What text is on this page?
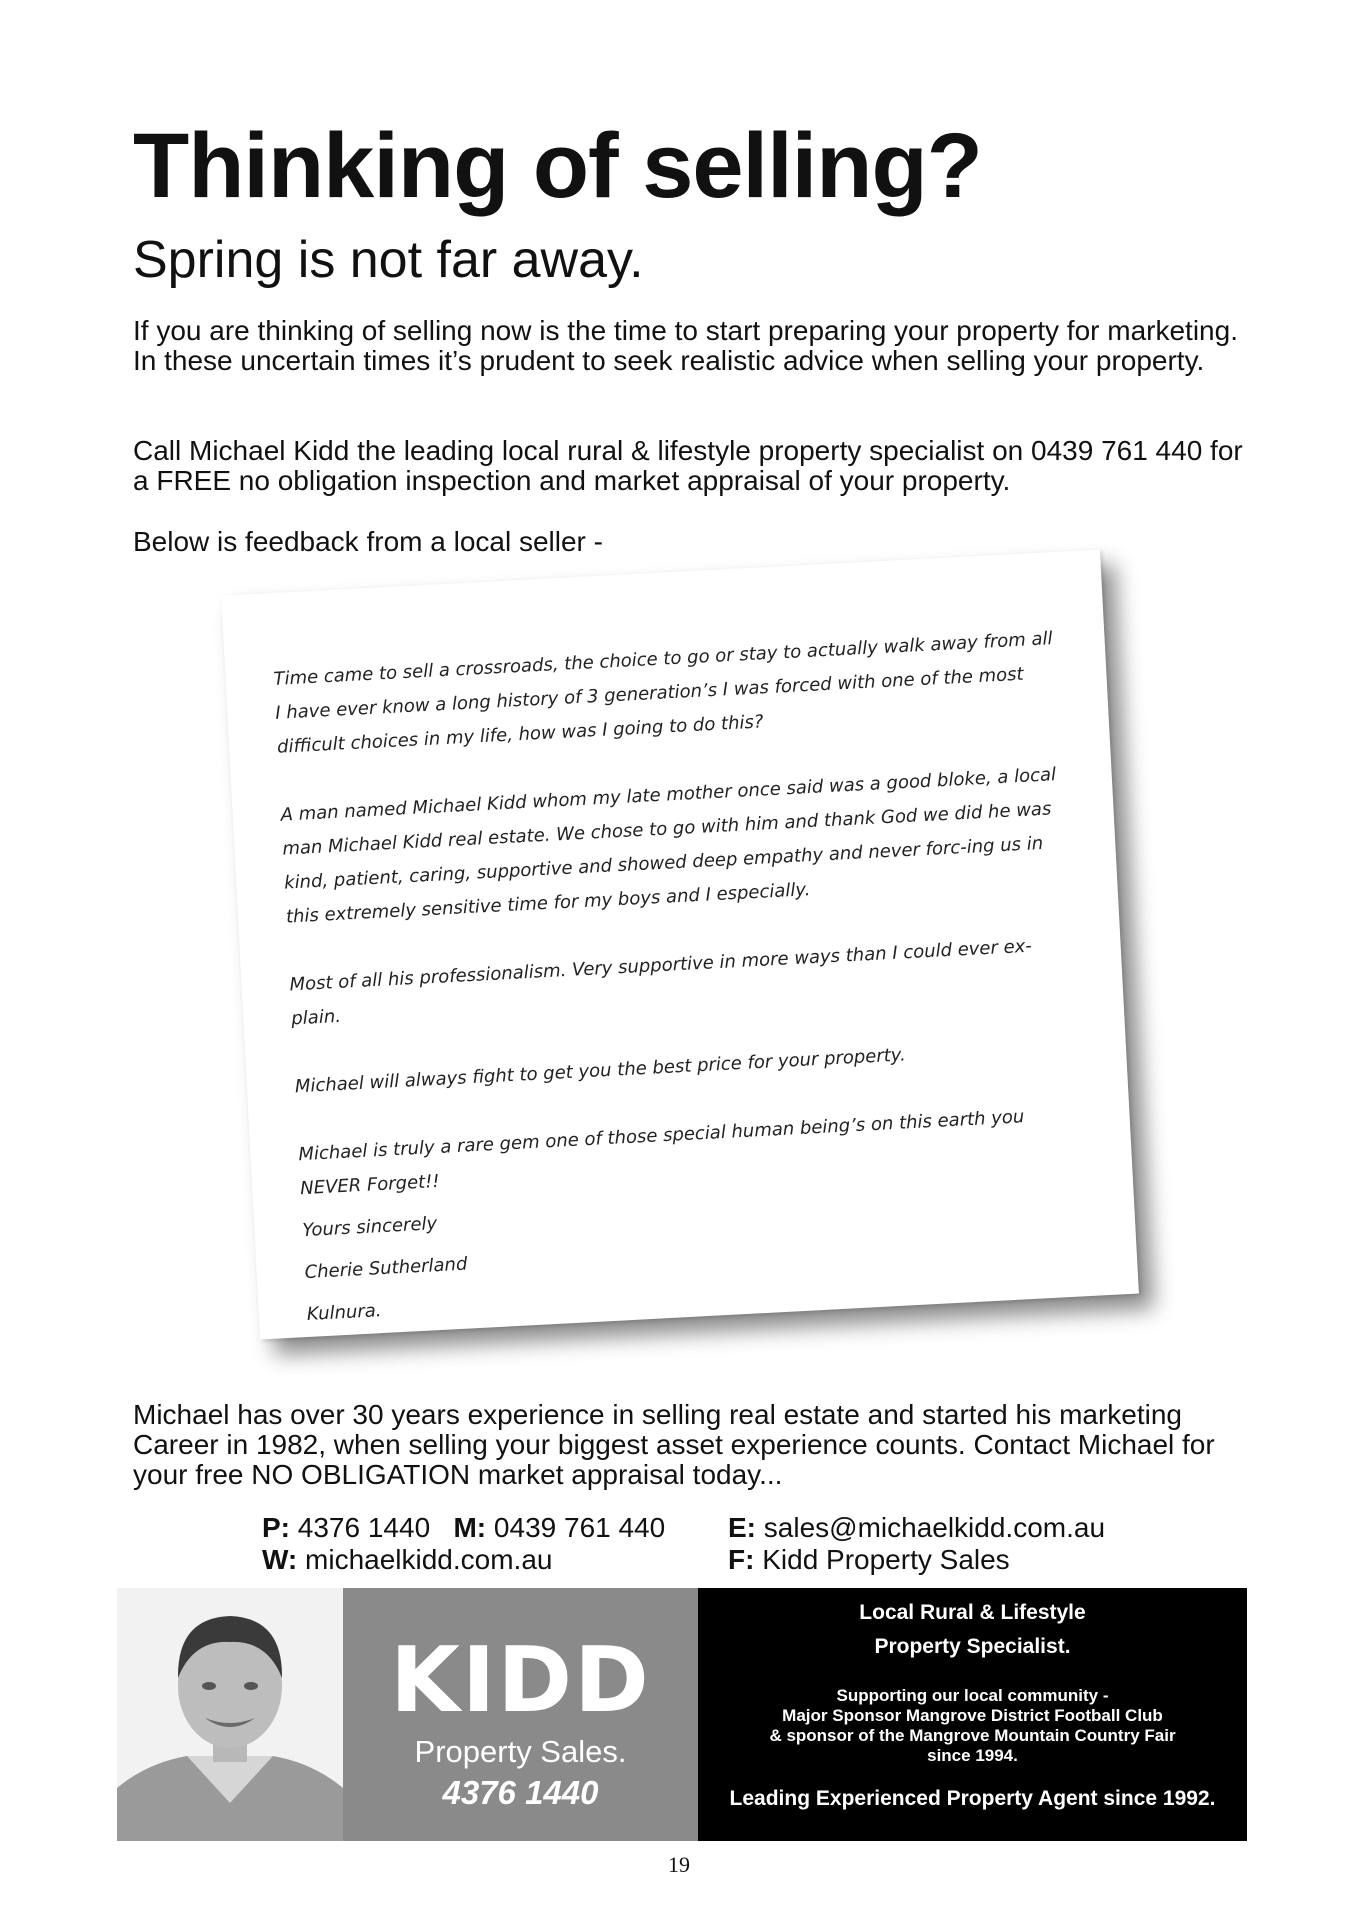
Thinking of selling?
Spring is not far away.

If you are thinking of selling now is the time to start preparing your property for marketing. In these uncertain times it’s prudent to seek realistic advice when selling your property.

Call Michael Kidd the leading local rural & lifestyle property specialist on 0439 761 440 for a FREE no obligation inspection and market appraisal of your property.

Below is feedback from a local seller -

Time came to sell a crossroads, the choice to go or stay to actually walk away from all I have ever know a long history of 3 generation’s I was forced with one of the most difficult choices in my life, how was I going to do this?

A man named Michael Kidd whom my late mother once said was a good bloke, a local man Michael Kidd real estate. We chose to go with him and thank God we did he was kind, patient, caring, supportive and showed deep empathy and never forc-ing us in this extremely sensitive time for my boys and I especially.

Most of all his professionalism. Very supportive in more ways than I could ever ex-plain.

Michael will always fight to get you the best price for your property.

Michael is truly a rare gem one of those special human being’s on this earth you NEVER Forget!!

Yours sincerely

Cherie Sutherland

Kulnura.

Michael has over 30 years experience in selling real estate and started his marketing Career in 1982, when selling your biggest asset experience counts. Contact Michael for your free NO OBLIGATION market appraisal today...

P: 4376 1440 M: 0439 761 440

W: michaelkidd.com.au

E: sales@michaelkidd.com.au

F: Kidd Property Sales

KIDD
Property Sales.
4376 1440
Local Rural & Lifestyle
Property Specialist.
Supporting our local community -
Major Sponsor Mangrove District Football Club
& sponsor of the Mangrove Mountain Country Fair
since 1994.
Leading Experienced Property Agent since 1992.
19
